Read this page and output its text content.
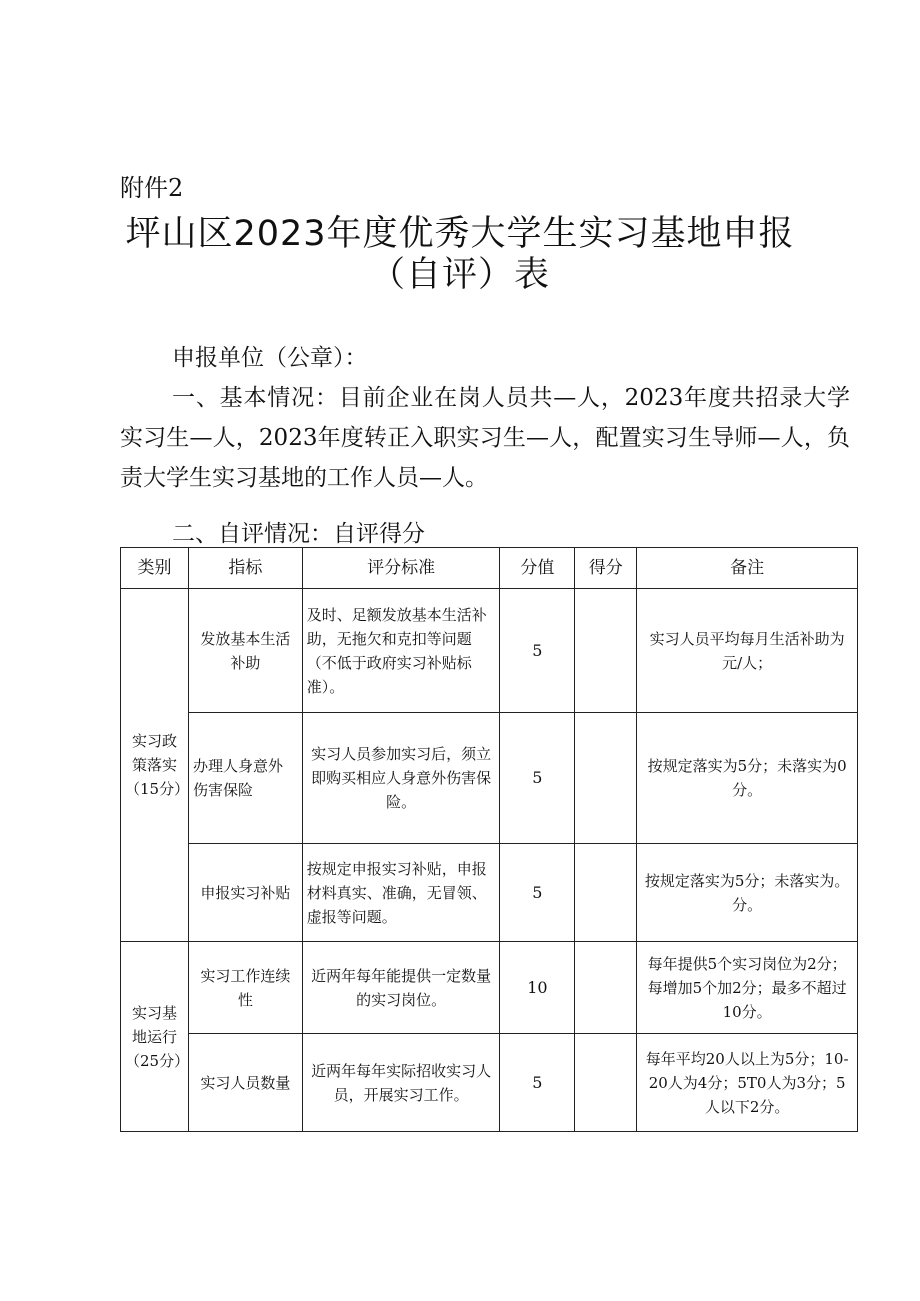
附件2
坪山区2023年度优秀大学生实习基地申报
（自评）表
申报单位（公章）：
一、基本情况：目前企业在岗人员共—人，2023年度共招录大学实习生—人，2023年度转正入职实习生—人，配置实习生导师—人，负责大学生实习基地的工作人员—人。
二、自评情况：自评得分
类别	指标	评分标准	分值	得分	备注
实习政策落实（15分）	发放基本生活补助	及时、足额发放基本生活补助，无拖欠和克扣等问题（不低于政府实习补贴标准）。	5		实习人员平均每月生活补助为　　　元/人；
	办理人身意外伤害保险	实习人员参加实习后，须立即购买相应人身意外伤害保险。	5		按规定落实为5分；未落实为0分。
	申报实习补贴	按规定申报实习补贴，申报材料真实、准确，无冒领、虚报等问题。	5		按规定落实为5分；未落实为。分。
实习基地运行（25分）	实习工作连续性	近两年每年能提供一定数量的实习岗位。	10		每年提供5个实习岗位为2分；每增加5个加2分；最多不超过10分。
	实习人员数量	近两年每年实际招收实习人员，开展实习工作。	5		每年平均20人以上为5分；10-20人为4分；5T0人为3分；5人以下2分。
